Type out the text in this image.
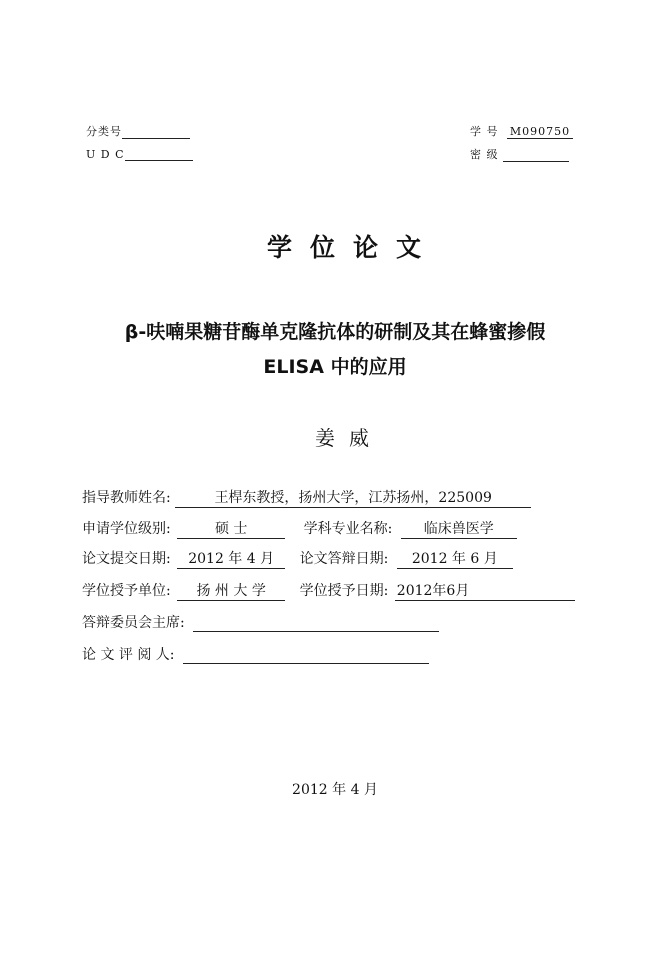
分类号
U D C
学 号 M090750
密 级
学位论文
β-呋喃果糖苷酶单克隆抗体的研制及其在蜂蜜掺假
ELISA 中的应用
姜威
指导教师姓名:	王桿东教授，扬州大学，江苏扬州，225009
申请学位级别:	硕 士	学科专业名称: 临床兽医学
论文提交日期: 2012 年 4 月 论文答辩日期: 2012 年 6 月
学位授予单位: 扬 州 大 学 学位授予日期: 2012年6月
答辩委员会主席:
论 文 评 阅 人:
2012 年 4 月
